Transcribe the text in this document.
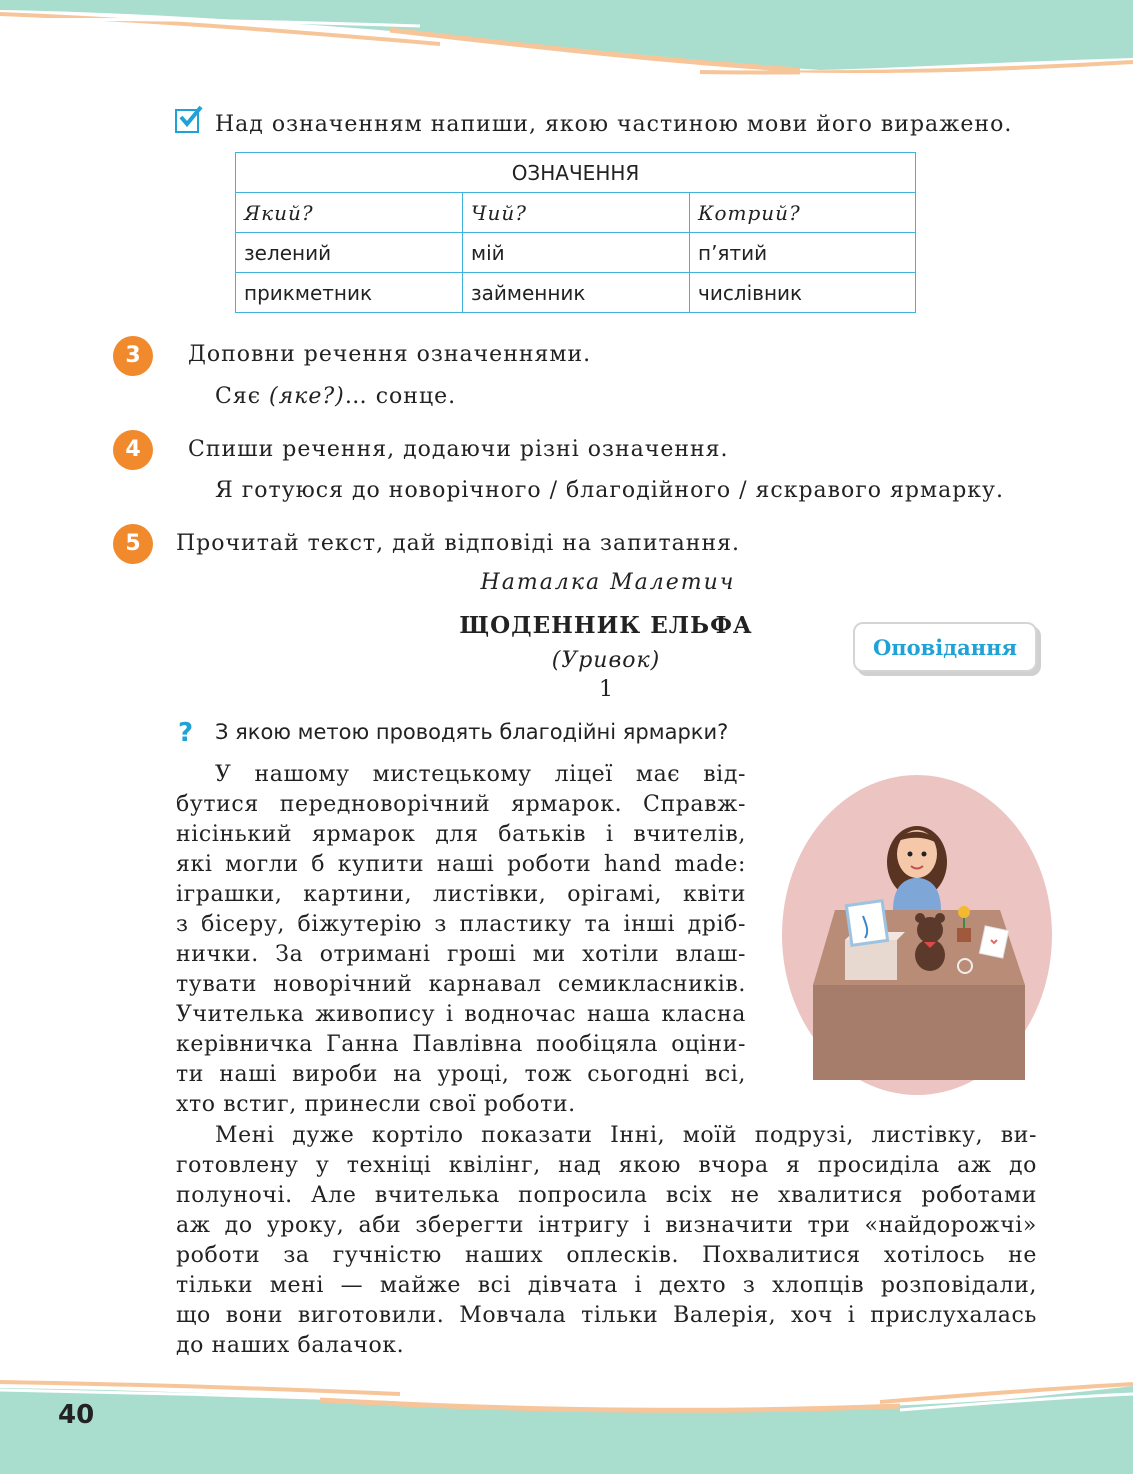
Над означенням напиши, якою частиною мови його виражено.
ОЗНАЧЕННЯ		
Який?	Чий?	Котрий?
зелений	мій	п’ятий
прикметник	займенник	числівник
3	Доповни речення означеннями.
Сяє (яке?)… сонце.
4	Спиши речення, додаючи різні означення.
Я готуюся до новорічного / благодійного / яскравого ярмарку.
5	Прочитай текст, дай відповіді на запитання.
Наталка Малетич
ЩОДЕННИК ЕЛЬФА
(Уривок)
1
Оповідання
? З якою метою проводять благодійні ярмарки?
У нашому мистецькому ліцеї має від-
бутися передноворічний ярмарок. Справж-
нісінький ярмарок для батьків і вчителів,
які могли б купити наші роботи hand made:
іграшки, картини, листівки, орігамі, квіти
з бісеру, біжутерію з пластику та інші дріб-
нички. За отримані гроші ми хотіли влаш-
тувати новорічний карнавал семикласників.
Учителька живопису і водночас наша класна
керівничка Ганна Павлівна пообіцяла оціни-
ти наші вироби на уроці, тож сьогодні всі,
хто встиг, принесли свої роботи.
Мені дуже кортіло показати Інні, моїй подрузі, листівку, ви-
готовлену у техніці квілінг, над якою вчора я просиділа аж до
полуночі. Але вчителька попросила всіх не хвалитися роботами
аж до уроку, аби зберегти інтригу і визначити три «найдорожчі»
роботи за гучністю наших оплесків. Похвалитися хотілось не
тільки мені — майже всі дівчата і дехто з хлопців розповідали,
що вони виготовили. Мовчала тільки Валерія, хоч і прислухалась
до наших балачок.
40
